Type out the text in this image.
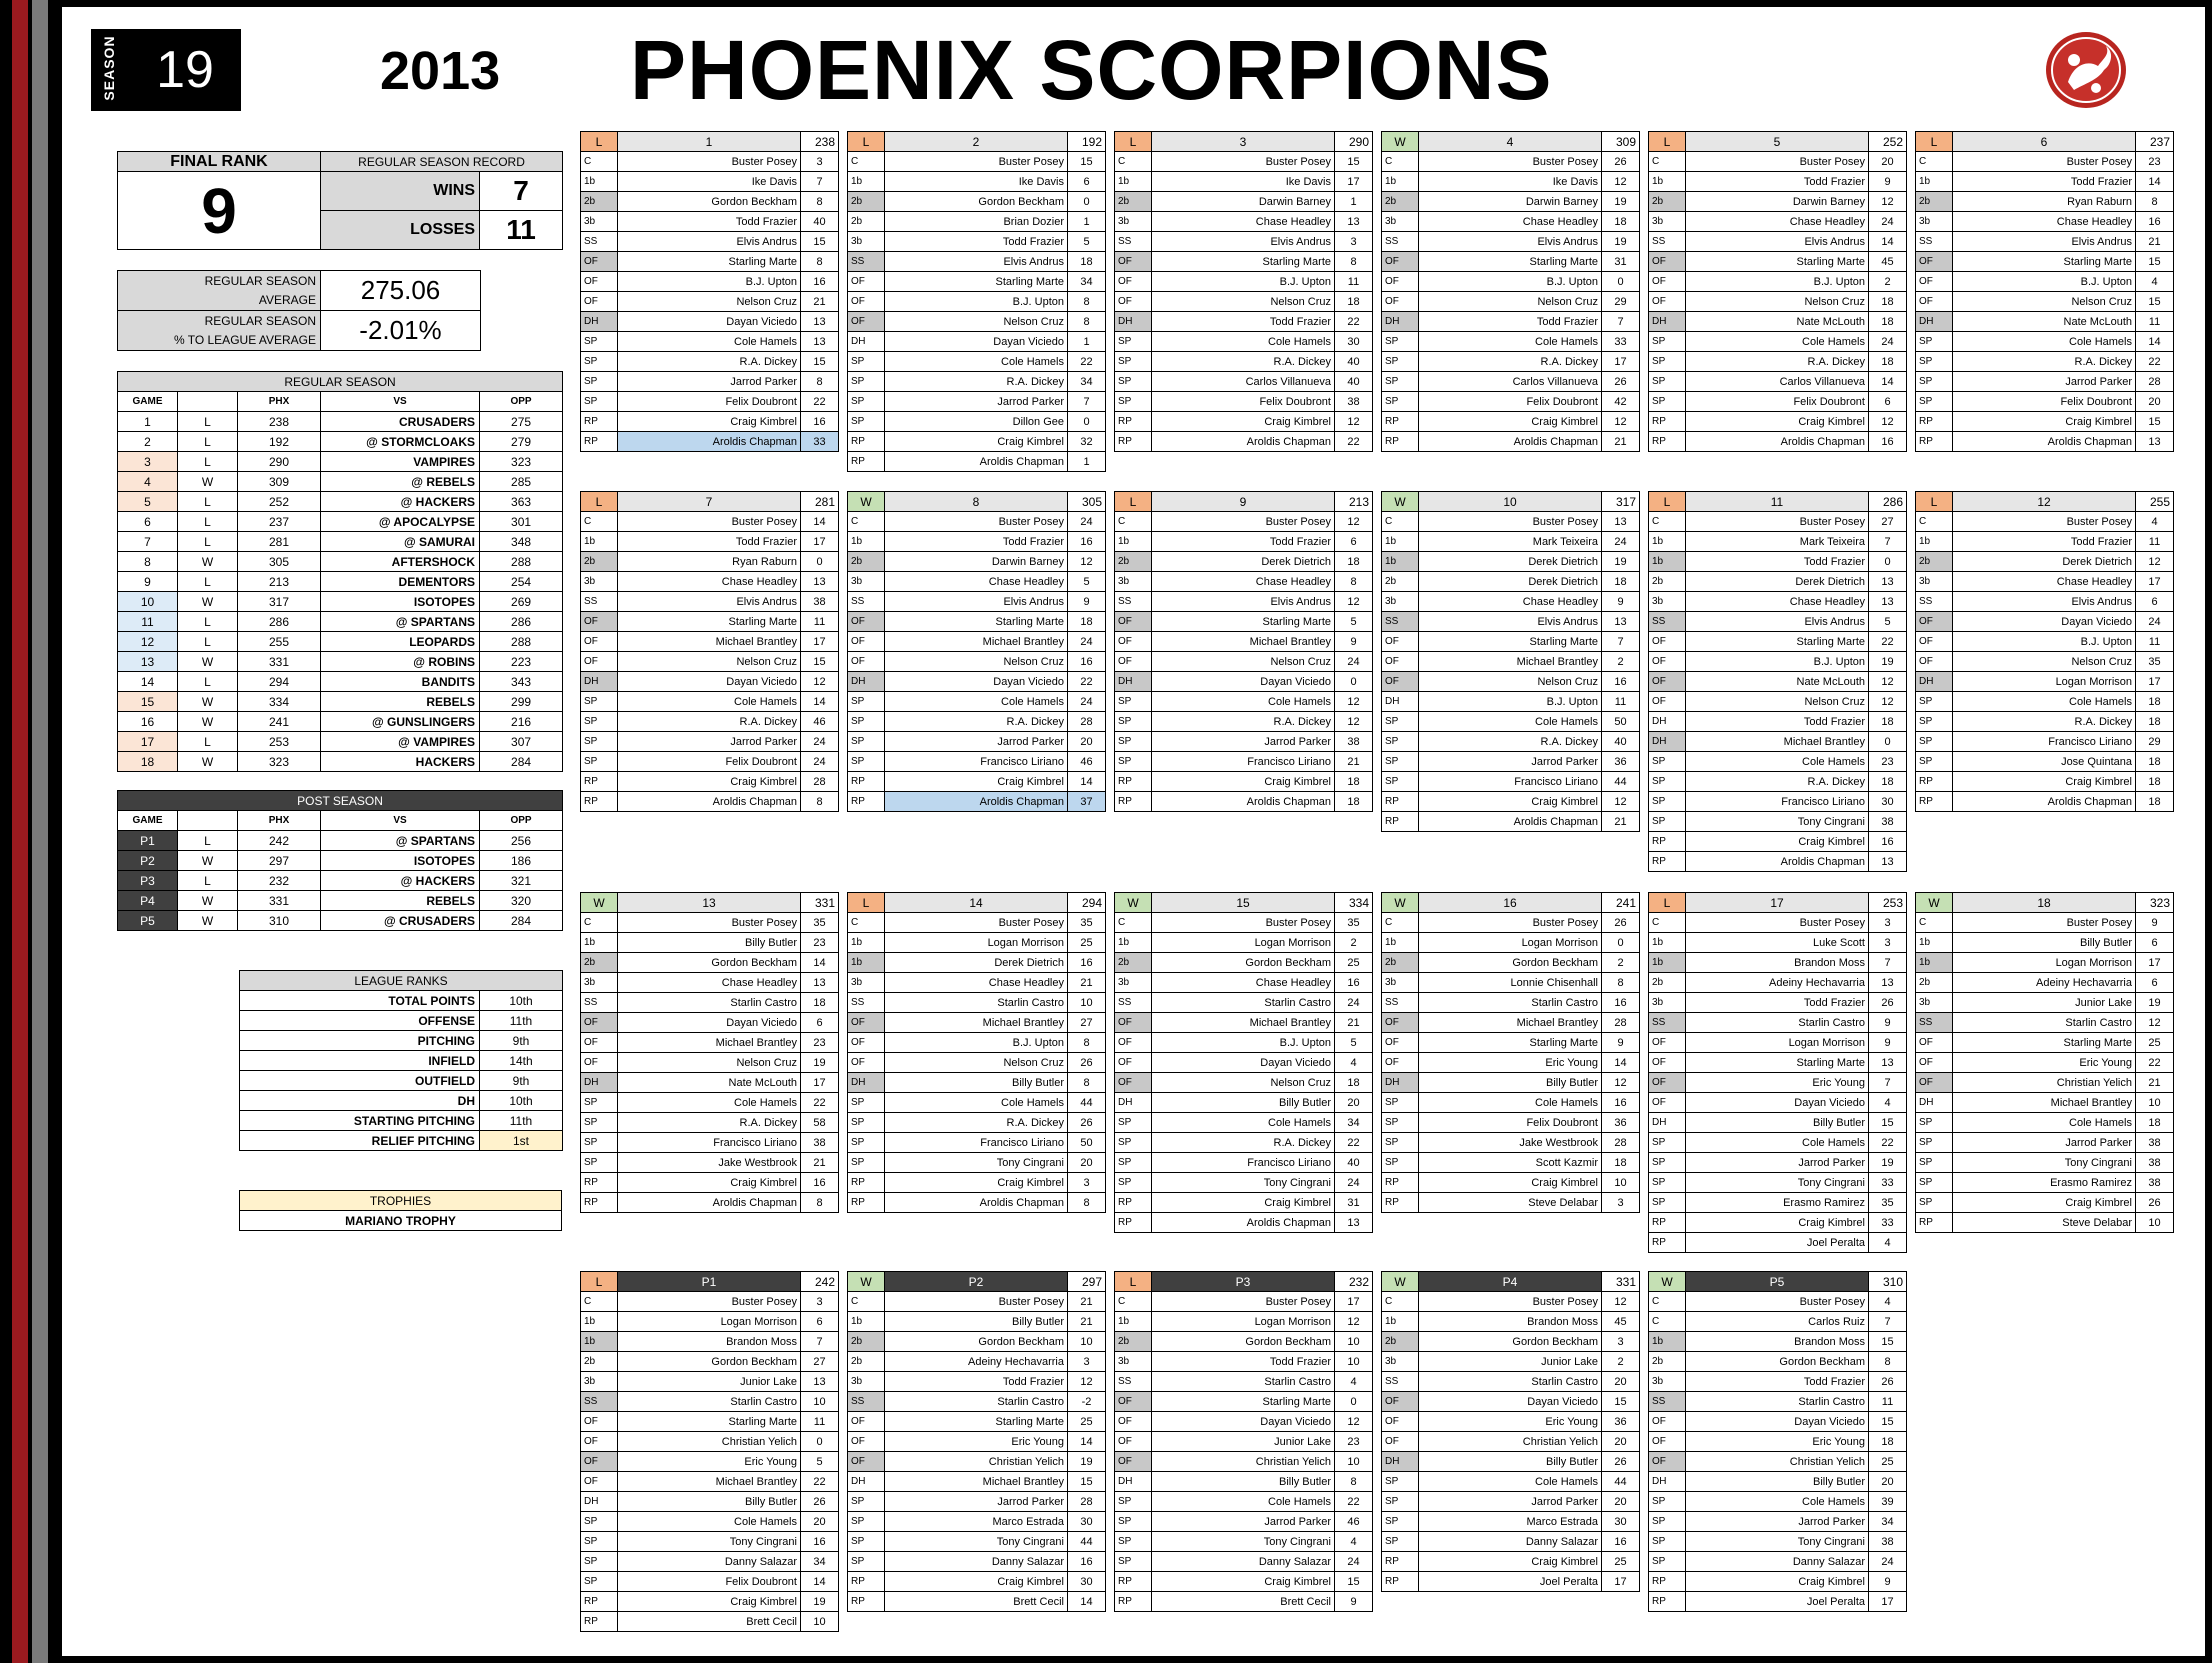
SEASON 19	2013 PHOENIX SCORPIONS
FINAL RANK	REGULAR SEASON RECORD	
9	WINS	7
	LOSSES	11
REGULAR SEASON
AVERAGE	275.06
REGULAR SEASON
% TO LEAGUE AVERAGE	-2.01%
REGULAR SEASON				
GAME		PHX	VS	OPP
1	L	238	CRUSADERS	275
2	L	192	@ STORMCLOAKS	279
3	L	290	VAMPIRES	323
4	W	309	@ REBELS	285
5	L	252	@ HACKERS	363
6	L	237	@ APOCALYPSE	301
7	L	281	@ SAMURAI	348
8	W	305	AFTERSHOCK	288
9	L	213	DEMENTORS	254
10	W	317	ISOTOPES	269
11	L	286	@ SPARTANS	286
12	L	255	LEOPARDS	288
13	W	331	@ ROBINS	223
14	L	294	BANDITS	343
15	W	334	REBELS	299
16	W	241	@ GUNSLINGERS	216
17	L	253	@ VAMPIRES	307
18	W	323	HACKERS	284
POST SEASON				
GAME		PHX	VS	OPP
P1	L	242	@ SPARTANS	256
P2	W	297	ISOTOPES	186
P3	L	232	@ HACKERS	321
P4	W	331	REBELS	320
P5	W	310	@ CRUSADERS	284
LEAGUE RANKS	
TOTAL POINTS	10th
OFFENSE	11th
PITCHING	9th
INFIELD	14th
OUTFIELD	9th
DH	10th
STARTING PITCHING	11th
RELIEF PITCHING	1st
TROPHIES
MARIANO TROPHY
L	1	238
C	Buster Posey	3
1b	Ike Davis	7
2b	Gordon Beckham	8
3b	Todd Frazier	40
SS	Elvis Andrus	15
OF	Starling Marte	8
OF	B.J. Upton	16
OF	Nelson Cruz	21
DH	Dayan Viciedo	13
SP	Cole Hamels	13
SP	R.A. Dickey	15
SP	Jarrod Parker	8
SP	Felix Doubront	22
RP	Craig Kimbrel	16
RP	Aroldis Chapman	33
L	2	192
C	Buster Posey	15
1b	Ike Davis	6
2b	Gordon Beckham	0
2b	Brian Dozier	1
3b	Todd Frazier	5
SS	Elvis Andrus	18
OF	Starling Marte	34
OF	B.J. Upton	8
OF	Nelson Cruz	8
DH	Dayan Viciedo	1
SP	Cole Hamels	22
SP	R.A. Dickey	34
SP	Jarrod Parker	7
SP	Dillon Gee	0
RP	Craig Kimbrel	32
RP	Aroldis Chapman	1
L	3	290
C	Buster Posey	15
1b	Ike Davis	17
2b	Darwin Barney	1
3b	Chase Headley	13
SS	Elvis Andrus	3
OF	Starling Marte	8
OF	B.J. Upton	11
OF	Nelson Cruz	18
DH	Todd Frazier	22
SP	Cole Hamels	30
SP	R.A. Dickey	40
SP	Carlos Villanueva	40
SP	Felix Doubront	38
RP	Craig Kimbrel	12
RP	Aroldis Chapman	22
W	4	309
C	Buster Posey	26
1b	Ike Davis	12
2b	Darwin Barney	19
3b	Chase Headley	18
SS	Elvis Andrus	19
OF	Starling Marte	31
OF	B.J. Upton	0
OF	Nelson Cruz	29
DH	Todd Frazier	7
SP	Cole Hamels	33
SP	R.A. Dickey	17
SP	Carlos Villanueva	26
SP	Felix Doubront	42
RP	Craig Kimbrel	12
RP	Aroldis Chapman	21
L	5	252
C	Buster Posey	20
1b	Todd Frazier	9
2b	Darwin Barney	12
3b	Chase Headley	24
SS	Elvis Andrus	14
OF	Starling Marte	45
OF	B.J. Upton	2
OF	Nelson Cruz	18
DH	Nate McLouth	18
SP	Cole Hamels	24
SP	R.A. Dickey	18
SP	Carlos Villanueva	14
SP	Felix Doubront	6
RP	Craig Kimbrel	12
RP	Aroldis Chapman	16
L	6	237
C	Buster Posey	23
1b	Todd Frazier	14
2b	Ryan Raburn	8
3b	Chase Headley	16
SS	Elvis Andrus	21
OF	Starling Marte	15
OF	B.J. Upton	4
OF	Nelson Cruz	15
DH	Nate McLouth	11
SP	Cole Hamels	14
SP	R.A. Dickey	22
SP	Jarrod Parker	28
SP	Felix Doubront	20
RP	Craig Kimbrel	15
RP	Aroldis Chapman	13
L	7	281
C	Buster Posey	14
1b	Todd Frazier	17
2b	Ryan Raburn	0
3b	Chase Headley	13
SS	Elvis Andrus	38
OF	Starling Marte	11
OF	Michael Brantley	17
OF	Nelson Cruz	15
DH	Dayan Viciedo	12
SP	Cole Hamels	14
SP	R.A. Dickey	46
SP	Jarrod Parker	24
SP	Felix Doubront	24
RP	Craig Kimbrel	28
RP	Aroldis Chapman	8
W	8	305
C	Buster Posey	24
1b	Todd Frazier	16
2b	Darwin Barney	12
3b	Chase Headley	5
SS	Elvis Andrus	9
OF	Starling Marte	18
OF	Michael Brantley	24
OF	Nelson Cruz	16
DH	Dayan Viciedo	22
SP	Cole Hamels	24
SP	R.A. Dickey	28
SP	Jarrod Parker	20
SP	Francisco Liriano	46
RP	Craig Kimbrel	14
RP	Aroldis Chapman	37
L	9	213
C	Buster Posey	12
1b	Todd Frazier	6
2b	Derek Dietrich	18
3b	Chase Headley	8
SS	Elvis Andrus	12
OF	Starling Marte	5
OF	Michael Brantley	9
OF	Nelson Cruz	24
DH	Dayan Viciedo	0
SP	Cole Hamels	12
SP	R.A. Dickey	12
SP	Jarrod Parker	38
SP	Francisco Liriano	21
RP	Craig Kimbrel	18
RP	Aroldis Chapman	18
W	10	317
C	Buster Posey	13
1b	Mark Teixeira	24
1b	Derek Dietrich	19
2b	Derek Dietrich	18
3b	Chase Headley	9
SS	Elvis Andrus	13
OF	Starling Marte	7
OF	Michael Brantley	2
OF	Nelson Cruz	16
DH	B.J. Upton	11
SP	Cole Hamels	50
SP	R.A. Dickey	40
SP	Jarrod Parker	36
SP	Francisco Liriano	44
RP	Craig Kimbrel	12
RP	Aroldis Chapman	21
L	11	286
C	Buster Posey	27
1b	Mark Teixeira	7
1b	Todd Frazier	0
2b	Derek Dietrich	13
3b	Chase Headley	13
SS	Elvis Andrus	5
OF	Starling Marte	22
OF	B.J. Upton	19
OF	Nate McLouth	12
OF	Nelson Cruz	12
DH	Todd Frazier	18
DH	Michael Brantley	0
SP	Cole Hamels	23
SP	R.A. Dickey	18
SP	Francisco Liriano	30
SP	Tony Cingrani	38
RP	Craig Kimbrel	16
RP	Aroldis Chapman	13
L	12	255
C	Buster Posey	4
1b	Todd Frazier	11
2b	Derek Dietrich	12
3b	Chase Headley	17
SS	Elvis Andrus	6
OF	Dayan Viciedo	24
OF	B.J. Upton	11
OF	Nelson Cruz	35
DH	Logan Morrison	17
SP	Cole Hamels	18
SP	R.A. Dickey	18
SP	Francisco Liriano	29
SP	Jose Quintana	18
RP	Craig Kimbrel	18
RP	Aroldis Chapman	18
W	13	331
C	Buster Posey	35
1b	Billy Butler	23
2b	Gordon Beckham	14
3b	Chase Headley	13
SS	Starlin Castro	18
OF	Dayan Viciedo	6
OF	Michael Brantley	23
OF	Nelson Cruz	19
DH	Nate McLouth	17
SP	Cole Hamels	22
SP	R.A. Dickey	58
SP	Francisco Liriano	38
SP	Jake Westbrook	21
RP	Craig Kimbrel	16
RP	Aroldis Chapman	8
L	14	294
C	Buster Posey	35
1b	Logan Morrison	25
1b	Derek Dietrich	16
3b	Chase Headley	21
SS	Starlin Castro	10
OF	Michael Brantley	27
OF	B.J. Upton	8
OF	Nelson Cruz	26
DH	Billy Butler	8
SP	Cole Hamels	44
SP	R.A. Dickey	26
SP	Francisco Liriano	50
SP	Tony Cingrani	20
RP	Craig Kimbrel	3
RP	Aroldis Chapman	8
W	15	334
C	Buster Posey	35
1b	Logan Morrison	2
2b	Gordon Beckham	25
3b	Chase Headley	16
SS	Starlin Castro	24
OF	Michael Brantley	21
OF	B.J. Upton	5
OF	Dayan Viciedo	4
OF	Nelson Cruz	18
DH	Billy Butler	20
SP	Cole Hamels	34
SP	R.A. Dickey	22
SP	Francisco Liriano	40
SP	Tony Cingrani	24
RP	Craig Kimbrel	31
RP	Aroldis Chapman	13
W	16	241
C	Buster Posey	26
1b	Logan Morrison	0
2b	Gordon Beckham	2
3b	Lonnie Chisenhall	8
SS	Starlin Castro	16
OF	Michael Brantley	28
OF	Starling Marte	9
OF	Eric Young	14
DH	Billy Butler	12
SP	Cole Hamels	16
SP	Felix Doubront	36
SP	Jake Westbrook	28
SP	Scott Kazmir	18
RP	Craig Kimbrel	10
RP	Steve Delabar	3
L	17	253
C	Buster Posey	3
1b	Luke Scott	3
1b	Brandon Moss	7
2b	Adeiny Hechavarria	13
3b	Todd Frazier	26
SS	Starlin Castro	9
OF	Logan Morrison	9
OF	Starling Marte	13
OF	Eric Young	7
OF	Dayan Viciedo	4
DH	Billy Butler	15
SP	Cole Hamels	22
SP	Jarrod Parker	19
SP	Tony Cingrani	33
SP	Erasmo Ramirez	35
RP	Craig Kimbrel	33
RP	Joel Peralta	4
W	18	323
C	Buster Posey	9
1b	Billy Butler	6
1b	Logan Morrison	17
2b	Adeiny Hechavarria	6
3b	Junior Lake	19
SS	Starlin Castro	12
OF	Starling Marte	25
OF	Eric Young	22
OF	Christian Yelich	21
DH	Michael Brantley	10
SP	Cole Hamels	18
SP	Jarrod Parker	38
SP	Tony Cingrani	38
SP	Erasmo Ramirez	38
SP	Craig Kimbrel	26
RP	Steve Delabar	10
L	P1	242
C	Buster Posey	3
1b	Logan Morrison	6
1b	Brandon Moss	7
2b	Gordon Beckham	27
3b	Junior Lake	13
SS	Starlin Castro	10
OF	Starling Marte	11
OF	Christian Yelich	0
OF	Eric Young	5
OF	Michael Brantley	22
DH	Billy Butler	26
SP	Cole Hamels	20
SP	Tony Cingrani	16
SP	Danny Salazar	34
SP	Felix Doubront	14
RP	Craig Kimbrel	19
RP	Brett Cecil	10
W	P2	297
C	Buster Posey	21
1b	Billy Butler	21
2b	Gordon Beckham	10
2b	Adeiny Hechavarria	3
3b	Todd Frazier	12
SS	Starlin Castro	-2
OF	Starling Marte	25
OF	Eric Young	14
OF	Christian Yelich	19
DH	Michael Brantley	15
SP	Jarrod Parker	28
SP	Marco Estrada	30
SP	Tony Cingrani	44
SP	Danny Salazar	16
RP	Craig Kimbrel	30
RP	Brett Cecil	14
L	P3	232
C	Buster Posey	17
1b	Logan Morrison	12
2b	Gordon Beckham	10
3b	Todd Frazier	10
SS	Starlin Castro	4
OF	Starling Marte	0
OF	Dayan Viciedo	12
OF	Junior Lake	23
OF	Christian Yelich	10
DH	Billy Butler	8
SP	Cole Hamels	22
SP	Jarrod Parker	46
SP	Tony Cingrani	4
SP	Danny Salazar	24
RP	Craig Kimbrel	15
RP	Brett Cecil	9
W	P4	331
C	Buster Posey	12
1b	Brandon Moss	45
2b	Gordon Beckham	3
3b	Junior Lake	2
SS	Starlin Castro	20
OF	Dayan Viciedo	15
OF	Eric Young	36
OF	Christian Yelich	20
DH	Billy Butler	26
SP	Cole Hamels	44
SP	Jarrod Parker	20
SP	Marco Estrada	30
SP	Danny Salazar	16
RP	Craig Kimbrel	25
RP	Joel Peralta	17
W	P5	310
C	Buster Posey	4
C	Carlos Ruiz	7
1b	Brandon Moss	15
2b	Gordon Beckham	8
3b	Todd Frazier	26
SS	Starlin Castro	11
OF	Dayan Viciedo	15
OF	Eric Young	18
OF	Christian Yelich	25
DH	Billy Butler	20
SP	Cole Hamels	39
SP	Jarrod Parker	34
SP	Tony Cingrani	38
SP	Danny Salazar	24
RP	Craig Kimbrel	9
RP	Joel Peralta	17
